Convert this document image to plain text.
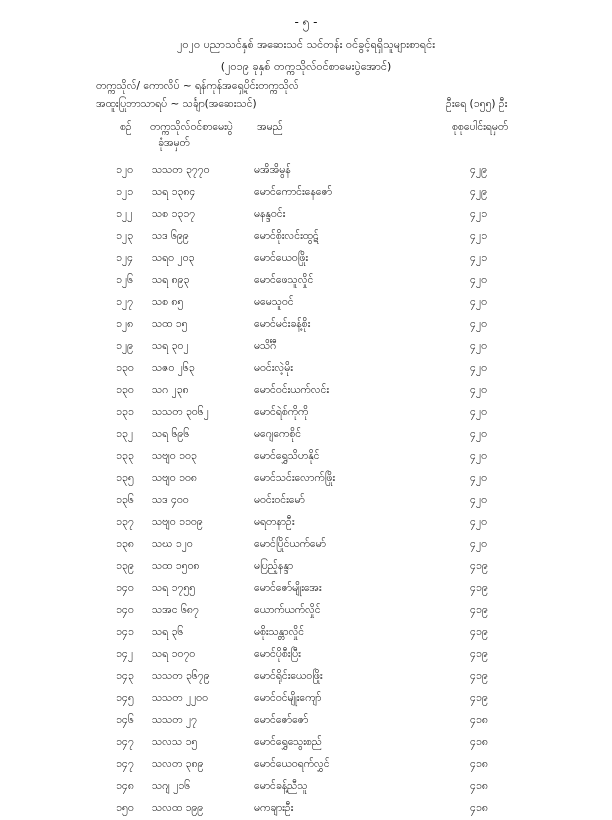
- ၅ -
၂၀၂၀ ပညာသင်နှစ် အဆေးသင် သင်တန်း ဝင်ခွင့်ရရှိသူများစာရင်း
(၂၀၁၉ ခုနှစ် တက္ကသိုလ်ဝင်စာမေးပွဲအောင်)
တက္ကသိုလ်/ ကောလိပ် ~ ရန်ကုန်အရှေ့ပိုင်းတက္ကသိုလ်
အထူးပြုဘာသာရပ် ~ သင်္ချာ(အဆေးသင်)	ဦးရေ (၁၅၅) ဦး
စဉ် တက္ကသိုလ်ဝင်စာမေးပွဲ
ခုံအမှတ်
အမည်	စုစုပေါင်းရမှတ်
၁၂၀ သသတ ၃၇၇၀	မအိအိမွန်	၄၂၉
၁၂၁ သရ ၁၃၈၄	မောင်ကောင်းနေဇော်	၄၂၉
၁၂၂ သစ ၁၃၁၇	မနန္ဒဝင်း	၄၂၁
၁၂၃ သဒ ၆၉၉	မောင်စိုးလင်းထွဋ်	၄၂၁
၁၂၄ သရ၀ ၂၀၃	မောင်ယေဝဖြိုး	၄၂၁
၁၂၆ သရ ၈၉၃	မောင်ဖေသူလှိုင်	၄၂၀
၁၂၇ သစ ၈၅	မမေသူဝင်	၄၂၀
၁၂၈ သထ ၁၅	မောင်မင်းခန့်စိုး	၄၂၀
၁၂၉ သရ ၃၀၂	မသိင်္ဂီ	၄၂၀
၁၃၀ သဇ၀ ၂၆၃	မဝင်းလဲ့မိုး	၄၂၀
၁၃၀ သဂ ၂၃၈	မောင်ဝင်းယက်လင်း	၄၂၀
၁၃၁ သသတ ၃၀၆၂	မောင်ရဲစ်ကိုကို	၄၂၀
၁၃၂ သရ ၆၉၆	မဂျေကေစိုင်	၄၂၀
၁၃၃ သဗျ၀ ၁၀၃	မောင်ရွှေသိဟနိုင်	၄၂၀
၁၃၅ သဗျ၀ ၁၀၈	မောင်သင်းလောက်ဖြိုး	၄၂၀
၁၃၆ သဒ ၄၀၀	မဝင်းဝင်းမော်	၄၂၀
၁၃၇ သဗျ၀ ၁၁၀၉	မရတနာဦး	၄၂၀
၁၃၈ သဃ ၁၂၀	မောင်ပြိုင်ယက်မော်	၄၂၀
၁၃၉ သထ ၁၅၀၈	မပြည့်နန္ဒာ	၄၁၉
၁၄၀ သရ ၁၇၅၅	မောင်ဇော်မျိုးအေး	၄၁၉
၁၄၀ သအင ၆၈၇	ယောက်ယက်လှိုင်	၄၁၉
၁၄၁ သရ ၃၆	မစိုးသန္တာလှိုင်	၄၁၉
၁၄၂ သရ ၁၀၇၀	မောင်ပိုစီးပြီး	၄၁၉
၁၄၃ သသတ ၃၆၇၉	မောင်ရိုင်းယေဝဖြိုး	၄၁၉
၁၄၅ သသတ ၂၂၀၀	မောင်ဝင်မျိုးကျော်	၄၁၉
၁၄၆ သသတ ၂၇	မောင်ဇော်ဇော်	၄၁၈
၁၄၇ သလသ ၁၅	မောင်ရွှေသွေးစည်	၄၁၈
၁၄၇ သလတ ၃၈၉	မောင်ယေဝရက်လွှင်	၄၁၈
၁၄၈ သဂျ ၂၁၆	မောင်ခန့်ညီသူ	၄၁၈
၁၅၀ သလထ ၁၉၉	မကချားဦး	၄၁၈
